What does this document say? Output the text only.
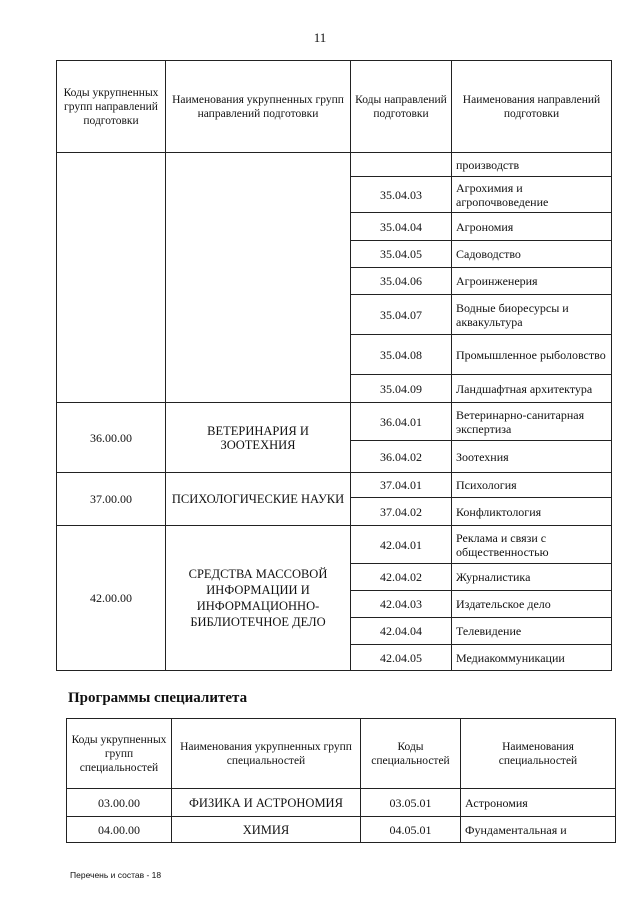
11
Коды укрупненных групп направлений подготовки	Наименования укрупненных групп направлений подготовки	Коды направлений подготовки	Наименования направлений подготовки
			производств
		35.04.03	Агрохимия и агропочвоведение
		35.04.04	Агрономия
		35.04.05	Садоводство
		35.04.06	Агроинженерия
		35.04.07	Водные биоресурсы и аквакультура
		35.04.08	Промышленное рыболовство
		35.04.09	Ландшафтная архитектура
36.00.00	ВЕТЕРИНАРИЯ И ЗООТЕХНИЯ	36.04.01	Ветеринарно-санитарная экспертиза
		36.04.02	Зоотехния
37.00.00	ПСИХОЛОГИЧЕСКИЕ НАУКИ	37.04.01	Психология
		37.04.02	Конфликтология
42.00.00	СРЕДСТВА МАССОВОЙ ИНФОРМАЦИИ И ИНФОРМАЦИОННО-БИБЛИОТЕЧНОЕ ДЕЛО	42.04.01	Реклама и связи с общественностью
		42.04.02	Журналистика
		42.04.03	Издательское дело
		42.04.04	Телевидение
		42.04.05	Медиакоммуникации
Программы специалитета
Коды укрупненных групп специальностей	Наименования укрупненных групп специальностей	Коды специальностей	Наименования специальностей
03.00.00	ФИЗИКА И АСТРОНОМИЯ	03.05.01	Астрономия
04.00.00	ХИМИЯ	04.05.01	Фундаментальная и
Перечень и состав - 18
